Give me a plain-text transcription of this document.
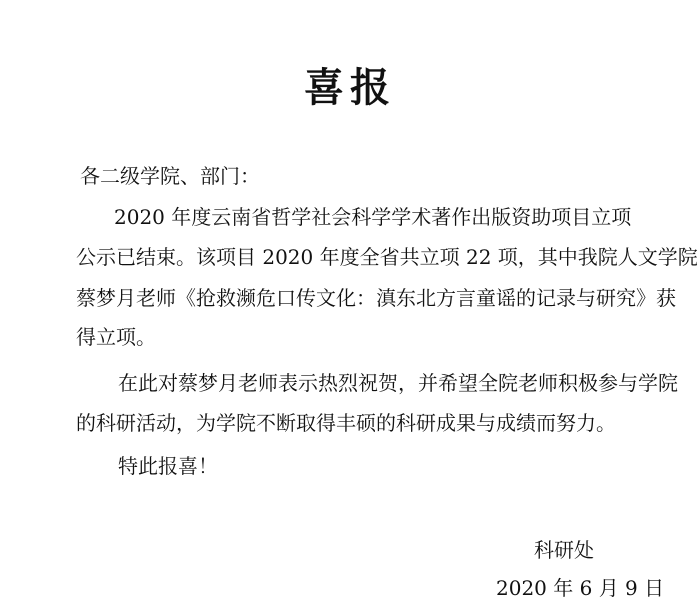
喜报
各二级学院、部门：
2020 年度云南省哲学社会科学学术著作出版资助项目立项
公示已结束。该项目 2020 年度全省共立项 22 项，其中我院人文学院
蔡梦月老师《抢救濒危口传文化：滇东北方言童谣的记录与研究》获
得立项。
在此对蔡梦月老师表示热烈祝贺，并希望全院老师积极参与学院
的科研活动，为学院不断取得丰硕的科研成果与成绩而努力。
特此报喜！
科研处
2020 年 6 月 9 日
